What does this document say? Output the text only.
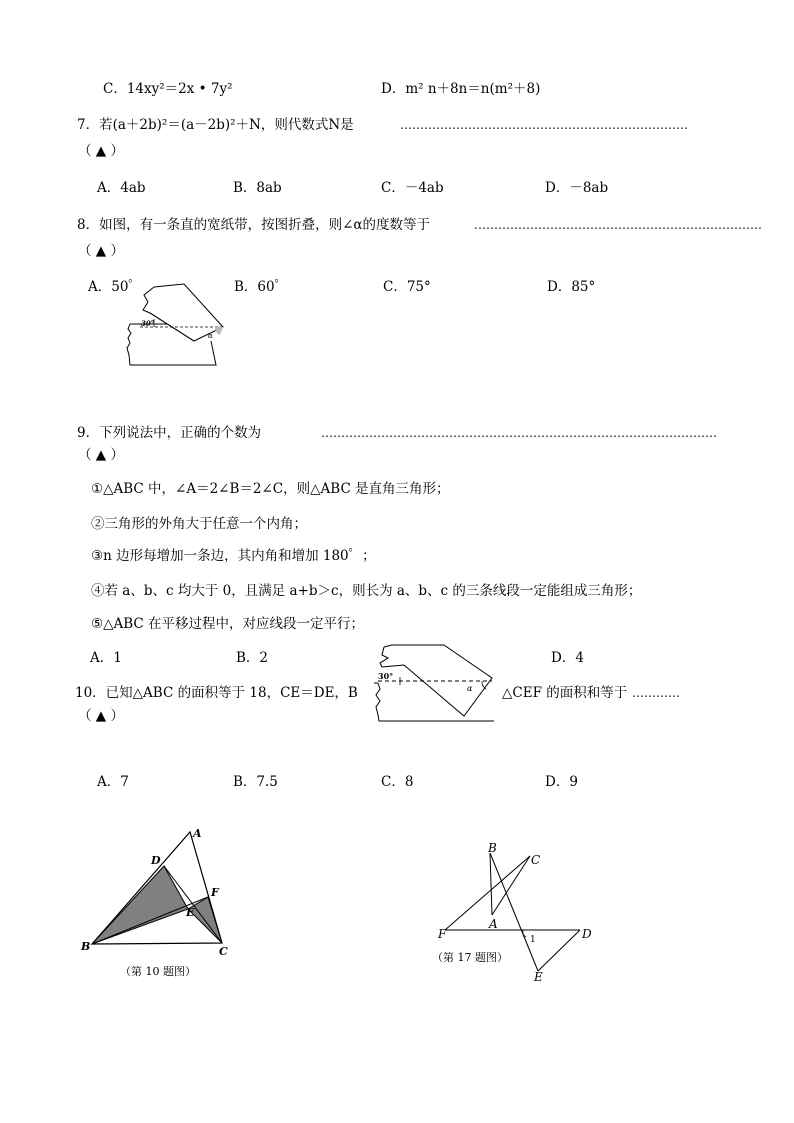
C．14xy²＝2x • 7y²	D．m² n＋8n＝n(m²＋8)
7．若(a＋2b)²＝(a－2b)²＋N，则代数式N是	………………………………………………………………
（ ▲ ）
A．4ab	B．8ab	C．－4ab	D．－8ab
8．如图，有一条直的宽纸带，按图折叠，则∠α的度数等于	………………………………………………………………
（ ▲ ）
A．50゜	B．60゜	C．75°	D．85°
30°
α
9．下列说法中，正确的个数为	………………………………………………………………………………………
（ ▲ ）
①△ABC 中，∠A＝2∠B＝2∠C，则△ABC 是直角三角形；
②三角形的外角大于任意一个内角；
③n 边形每增加一条边，其内角和增加 180゜；
④若 a、b、c 均大于 0，且满足 a+b＞c，则长为 a、b、c 的三条线段一定能组成三角形；
⑤△ABC 在平移过程中，对应线段一定平行；
A．1	B．2	D．4
10．已知△ABC 的面积等于 18，CE＝DE，B	△CEF 的面积和等于 …………
（ ▲ ）
30°
α
A．7	B．7.5	C．8	D．9
A
D
F
E
B	C
（第 10 题图）
B
C
A
F	D
E
1
（第 17 题图）
